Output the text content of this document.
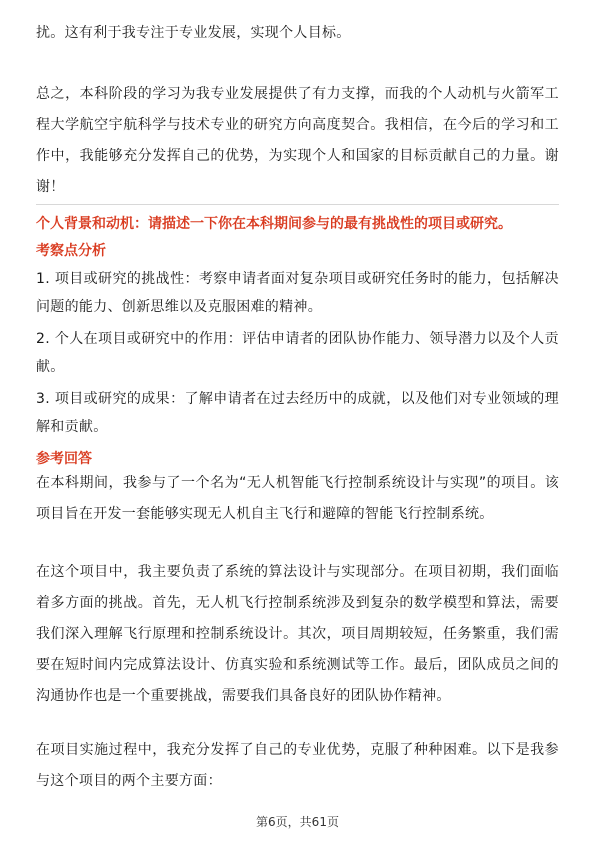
扰。这有利于我专注于专业发展，实现个人目标。

总之，本科阶段的学习为我专业发展提供了有力支撑，而我的个人动机与火箭军工程大学航空宇航科学与技术专业的研究方向高度契合。我相信，在今后的学习和工作中，我能够充分发挥自己的优势，为实现个人和国家的目标贡献自己的力量。谢谢！

个人背景和动机：请描述一下你在本科期间参与的最有挑战性的项目或研究。

考察点分析

1. 项目或研究的挑战性：考察申请者面对复杂项目或研究任务时的能力，包括解决问题的能力、创新思维以及克服困难的精神。
2. 个人在项目或研究中的作用：评估申请者的团队协作能力、领导潜力以及个人贡献。
3. 项目或研究的成果：了解申请者在过去经历中的成就，以及他们对专业领域的理解和贡献。

参考回答

在本科期间，我参与了一个名为“无人机智能飞行控制系统设计与实现”的项目。该项目旨在开发一套能够实现无人机自主飞行和避障的智能飞行控制系统。

在这个项目中，我主要负责了系统的算法设计与实现部分。在项目初期，我们面临着多方面的挑战。首先，无人机飞行控制系统涉及到复杂的数学模型和算法，需要我们深入理解飞行原理和控制系统设计。其次，项目周期较短，任务繁重，我们需要在短时间内完成算法设计、仿真实验和系统测试等工作。最后，团队成员之间的沟通协作也是一个重要挑战，需要我们具备良好的团队协作精神。

在项目实施过程中，我充分发挥了自己的专业优势，克服了种种困难。以下是我参与这个项目的两个主要方面：

第6页，共61页
